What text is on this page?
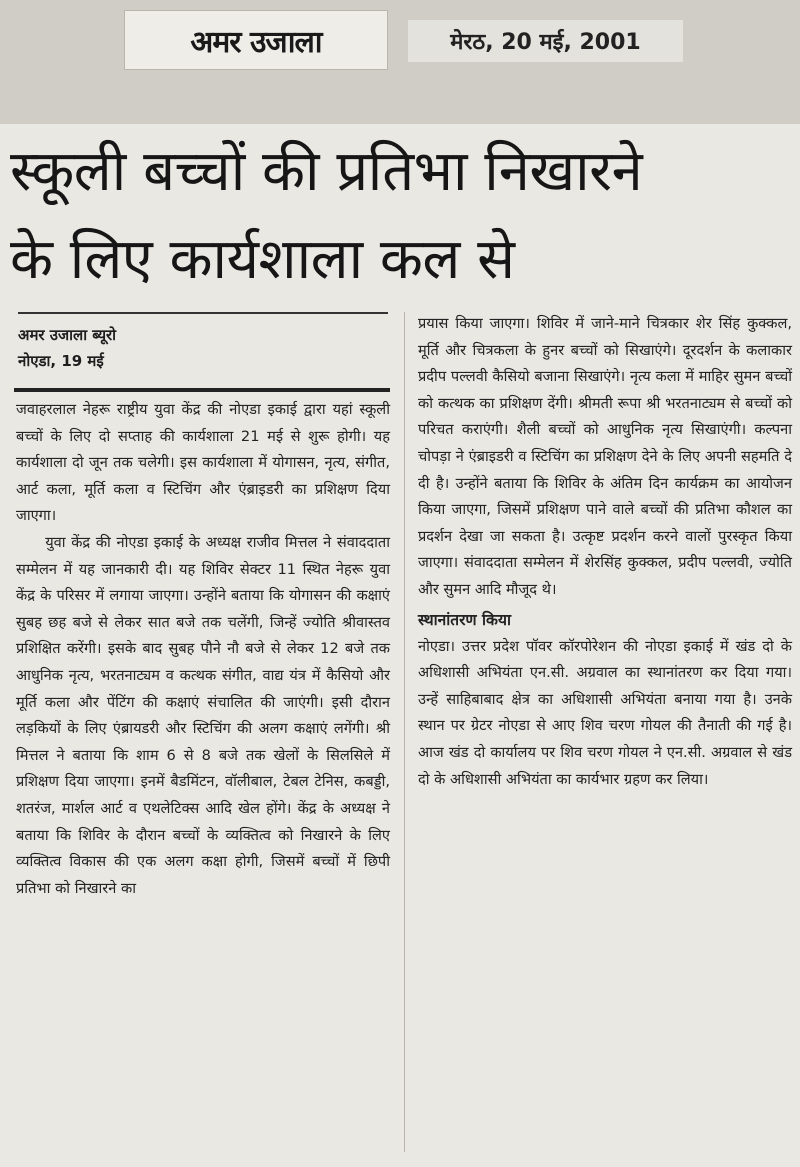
अमर उजाला	मेरठ, 20 मई, 2001
स्कूली बच्चों की प्रतिभा निखारने
के लिए कार्यशाला कल से
अमर उजाला ब्यूरो
नोएडा, 19 मई

जवाहरलाल नेहरू राष्ट्रीय युवा केंद्र की नोएडा इकाई द्वारा यहां स्कूली बच्चों के लिए दो सप्ताह की कार्यशाला 21 मई से शुरू होगी। यह कार्यशाला दो जून तक चलेगी। इस कार्यशाला में योगासन, नृत्य, संगीत, आर्ट कला, मूर्ति कला व स्टिचिंग और एंब्राइडरी का प्रशिक्षण दिया जाएगा।

युवा केंद्र की नोएडा इकाई के अध्यक्ष राजीव मित्तल ने संवाददाता सम्मेलन में यह जानकारी दी। यह शिविर सेक्टर 11 स्थित नेहरू युवा केंद्र के परिसर में लगाया जाएगा। उन्होंने बताया कि योगासन की कक्षाएं सुबह छह बजे से लेकर सात बजे तक चलेंगी, जिन्हें ज्योति श्रीवास्तव प्रशिक्षित करेंगी। इसके बाद सुबह पौने नौ बजे से लेकर 12 बजे तक आधुनिक नृत्य, भरतनाट्यम व कत्थक संगीत, वाद्य यंत्र में कैसियो और मूर्ति कला और पेंटिंग की कक्षाएं संचालित की जाएंगी। इसी दौरान लड़कियों के लिए एंब्रायडरी और स्टिचिंग की अलग कक्षाएं लगेंगी। श्री मित्तल ने बताया कि शाम 6 से 8 बजे तक खेलों के सिलसिले में प्रशिक्षण दिया जाएगा। इनमें बैडमिंटन, वॉलीबाल, टेबल टेनिस, कबड्डी, शतरंज, मार्शल आर्ट व एथलेटिक्स आदि खेल होंगे। केंद्र के अध्यक्ष ने बताया कि शिविर के दौरान बच्चों के व्यक्तित्व को निखारने के लिए व्यक्तित्व विकास की एक अलग कक्षा होगी, जिसमें बच्चों में छिपी प्रतिभा को निखारने का

प्रयास किया जाएगा। शिविर में जाने-माने चित्रकार शेर सिंह कुक्कल, मूर्ति और चित्रकला के हुनर बच्चों को सिखाएंगे। दूरदर्शन के कलाकार प्रदीप पल्लवी कैसियो बजाना सिखाएंगे। नृत्य कला में माहिर सुमन बच्चों को कत्थक का प्रशिक्षण देंगी। श्रीमती रूपा श्री भरतनाट्यम से बच्चों को परिचत कराएंगी। शैली बच्चों को आधुनिक नृत्य सिखाएंगी। कल्पना चोपड़ा ने एंब्राइडरी व स्टिचिंग का प्रशिक्षण देने के लिए अपनी सहमति दे दी है। उन्होंने बताया कि शिविर के अंतिम दिन कार्यक्रम का आयोजन किया जाएगा, जिसमें प्रशिक्षण पाने वाले बच्चों की प्रतिभा कौशल का प्रदर्शन देखा जा सकता है। उत्कृष्ट प्रदर्शन करने वालों पुरस्कृत किया जाएगा। संवाददाता सम्मेलन में शेरसिंह कुक्कल, प्रदीप पल्लवी, ज्योति और सुमन आदि मौजूद थे।

स्थानांतरण किया

नोएडा। उत्तर प्रदेश पॉवर कॉरपोरेशन की नोएडा इकाई में खंड दो के अधिशासी अभियंता एन.सी. अग्रवाल का स्थानांतरण कर दिया गया। उन्हें साहिबाबाद क्षेत्र का अधिशासी अभियंता बनाया गया है। उनके स्थान पर ग्रेटर नोएडा से आए शिव चरण गोयल की तैनाती की गई है। आज खंड दो कार्यालय पर शिव चरण गोयल ने एन.सी. अग्रवाल से खंड दो के अधिशासी अभियंता का कार्यभार ग्रहण कर लिया।
